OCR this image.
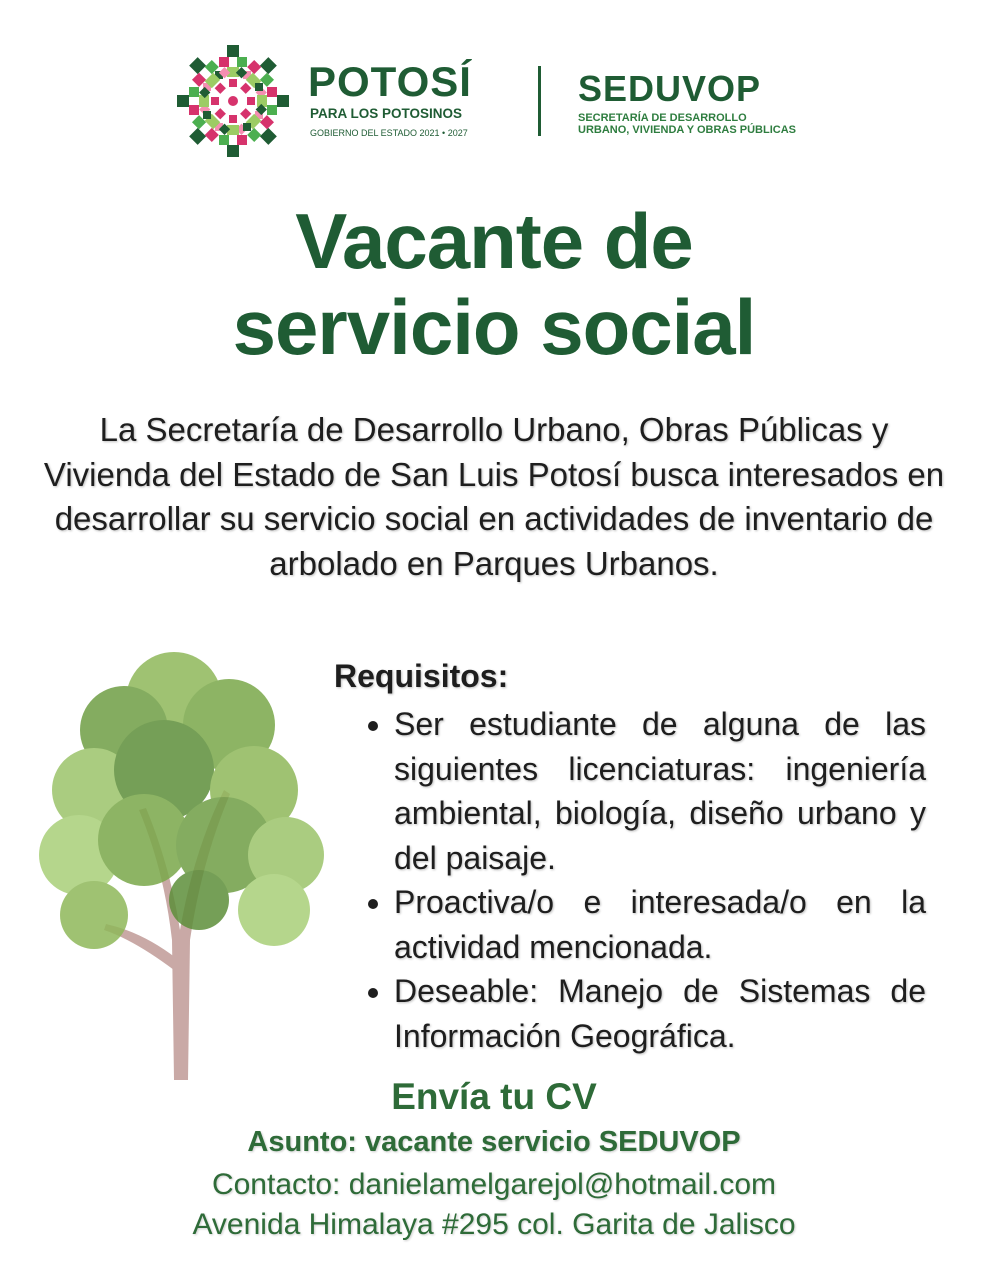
POTOSÍ
PARA LOS POTOSINOS
GOBIERNO DEL ESTADO 2021 • 2027
SEDUVOP
SECRETARÍA DE DESARROLLO
URBANO, VIVIENDA Y OBRAS PÚBLICAS
Vacante de
servicio social

La Secretaría de Desarrollo Urbano, Obras Públicas y Vivienda del Estado de San Luis Potosí busca interesados en desarrollar su servicio social en actividades de inventario de arbolado en Parques Urbanos.

Requisitos:
• Ser estudiante de alguna de las siguientes licenciaturas: ingeniería ambiental, biología, diseño urbano y del paisaje.
• Proactiva/o e interesada/o en la actividad mencionada.
• Deseable: Manejo de Sistemas de Información Geográfica.
Envía tu CV
Asunto: vacante servicio SEDUVOP
Contacto: danielamelgarejol@hotmail.com
Avenida Himalaya #295 col. Garita de Jalisco
